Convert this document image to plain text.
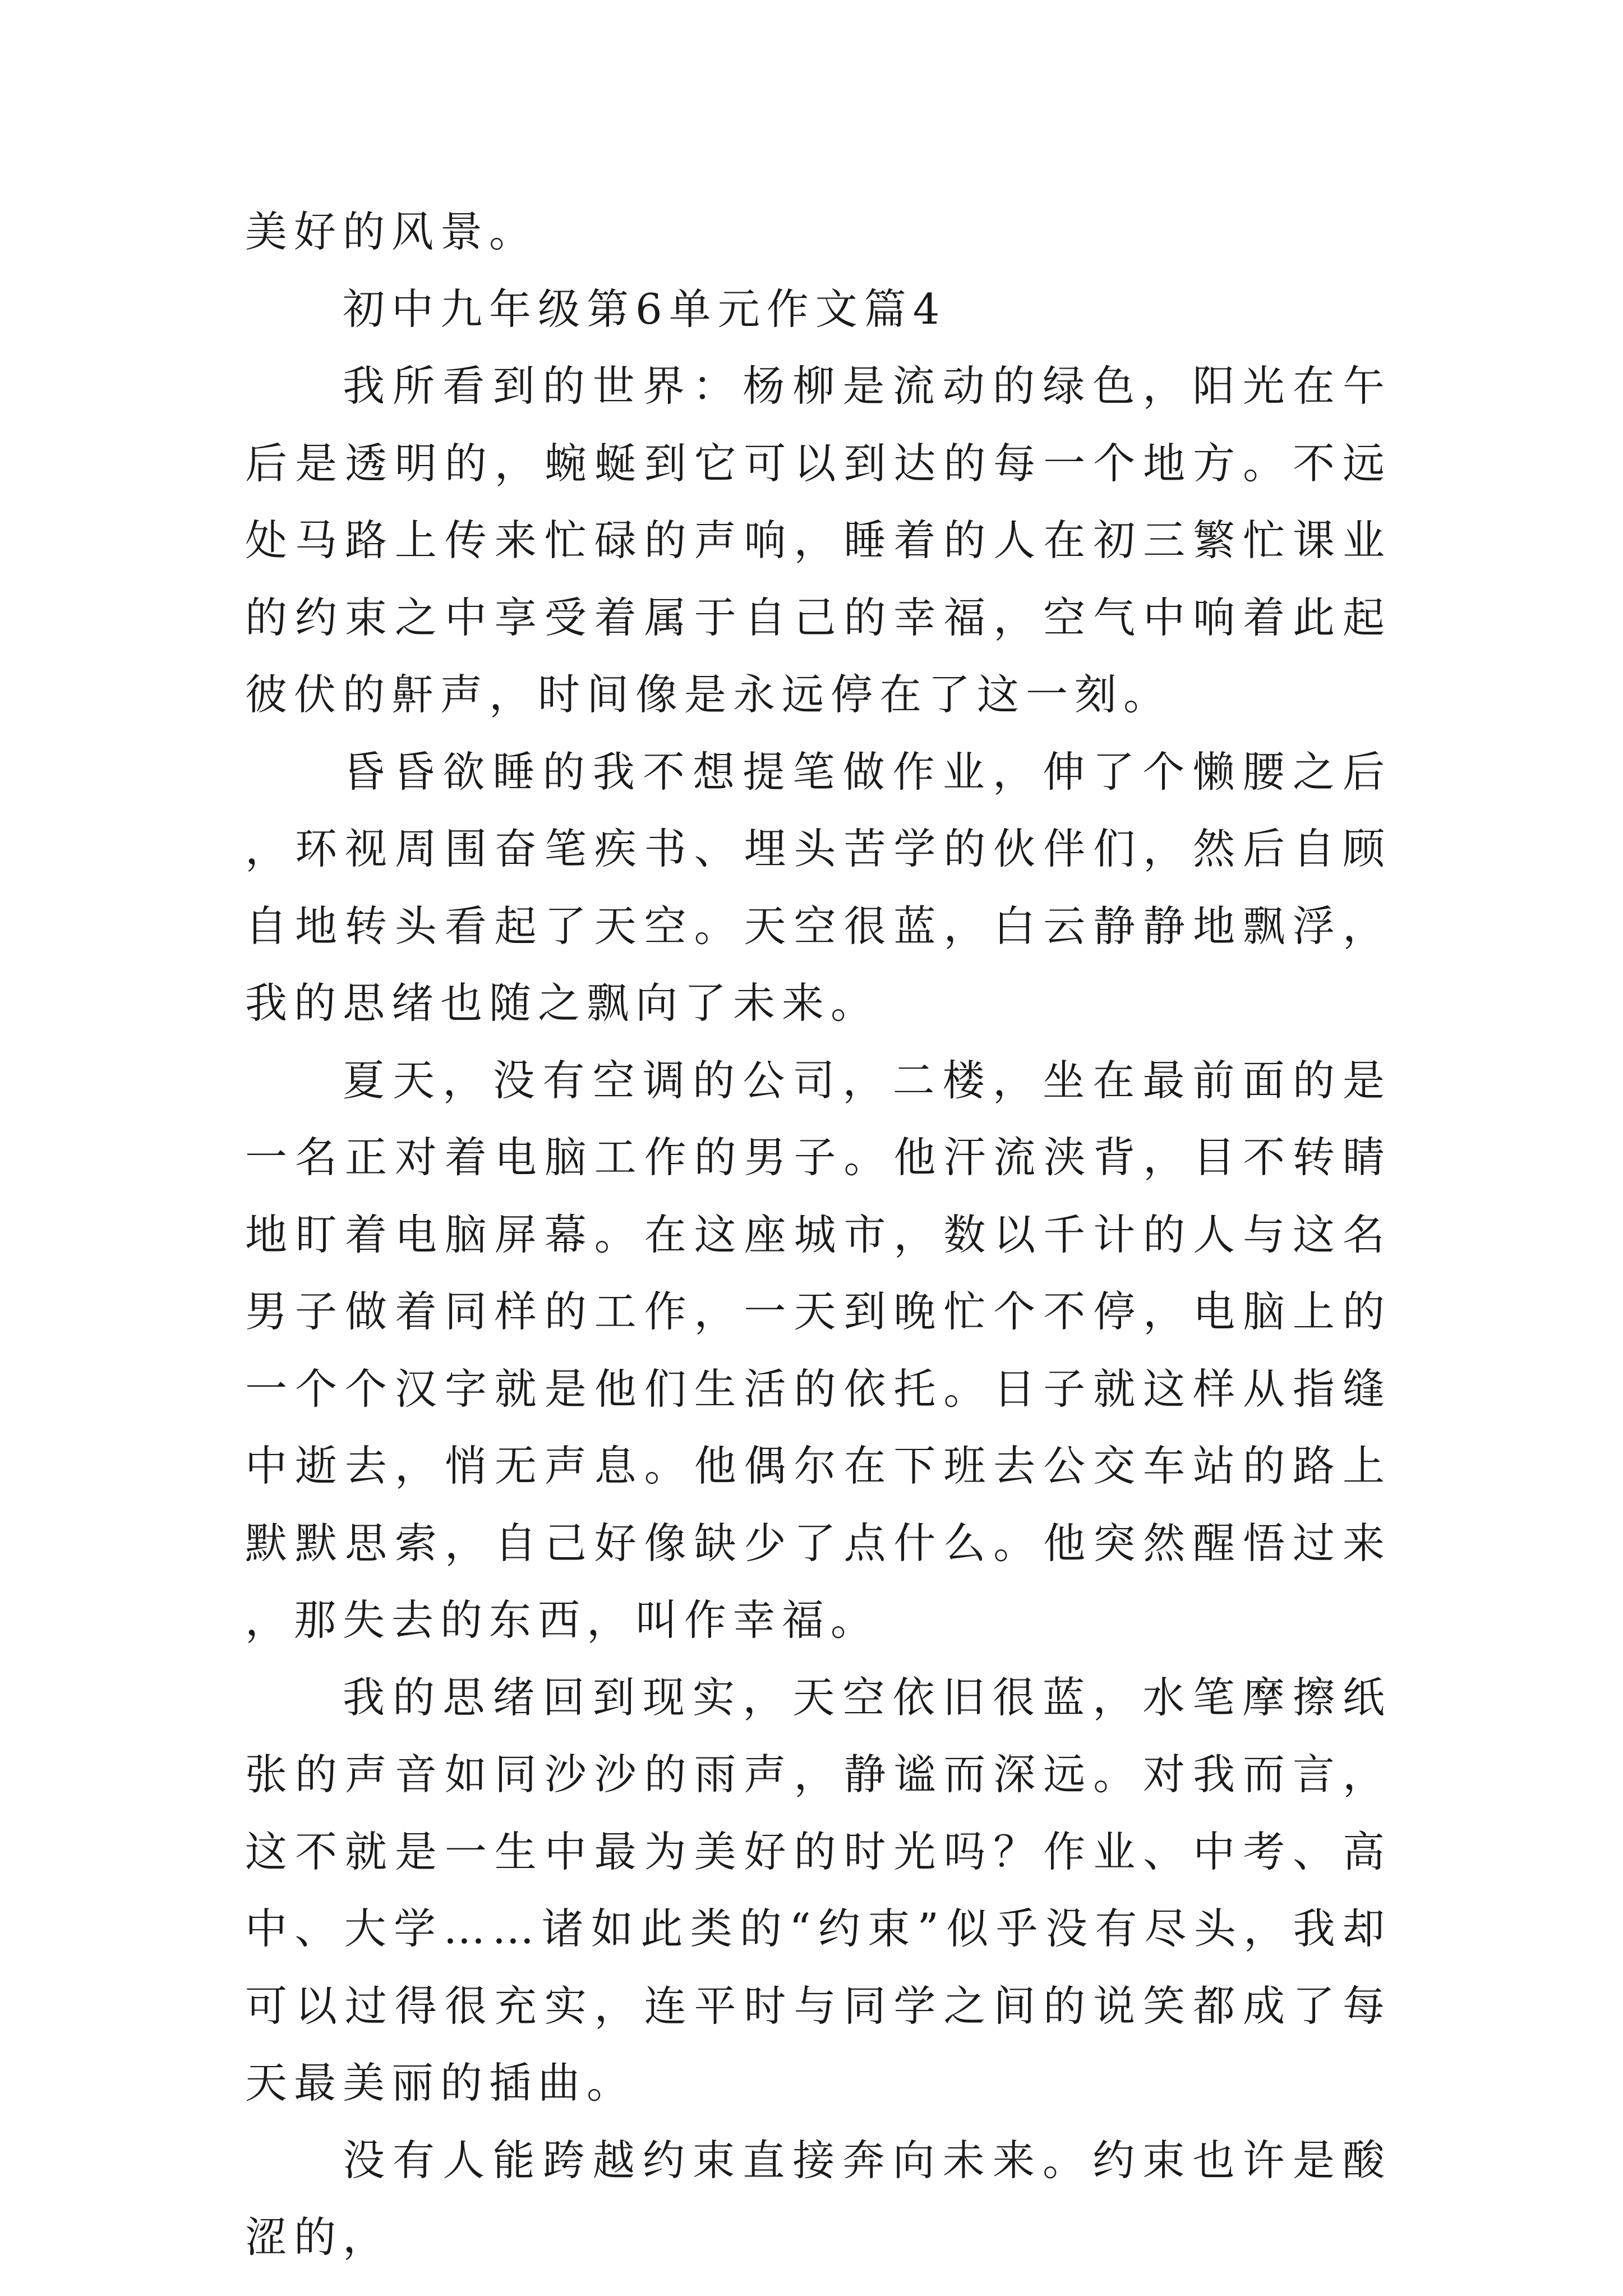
美好的风景。

初中九年级第6单元作文篇4

我所看到的世界：杨柳是流动的绿色，阳光在午后是透明的，蜿蜒到它可以到达的每一个地方。不远处马路上传来忙碌的声响，睡着的人在初三繁忙课业的约束之中享受着属于自己的幸福，空气中响着此起彼伏的鼾声，时间像是永远停在了这一刻。

昏昏欲睡的我不想提笔做作业，伸了个懒腰之后，环视周围奋笔疾书、埋头苦学的伙伴们，然后自顾自地转头看起了天空。天空很蓝，白云静静地飘浮，我的思绪也随之飘向了未来。

夏天，没有空调的公司，二楼，坐在最前面的是一名正对着电脑工作的男子。他汗流浃背，目不转睛地盯着电脑屏幕。在这座城市，数以千计的人与这名男子做着同样的工作，一天到晚忙个不停，电脑上的一个个汉字就是他们生活的依托。日子就这样从指缝中逝去，悄无声息。他偶尔在下班去公交车站的路上默默思索，自己好像缺少了点什么。他突然醒悟过来，那失去的东西，叫作幸福。

我的思绪回到现实，天空依旧很蓝，水笔摩擦纸张的声音如同沙沙的雨声，静谧而深远。对我而言，这不就是一生中最为美好的时光吗？作业、中考、高中、大学……诸如此类的“约束”似乎没有尽头，我却可以过得很充实，连平时与同学之间的说笑都成了每天最美丽的插曲。

没有人能跨越约束直接奔向未来。约束也许是酸涩的，
